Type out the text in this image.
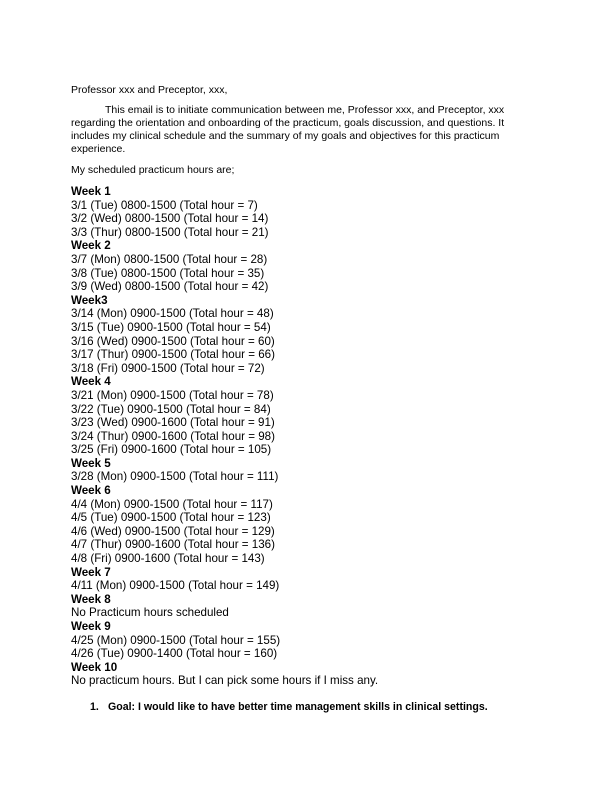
Professor xxx and Preceptor, xxx,
This email is to initiate communication between me, Professor xxx, and Preceptor, xxx regarding the orientation and onboarding of the practicum, goals discussion, and questions. It includes my clinical schedule and the summary of my goals and objectives for this practicum experience.
My scheduled practicum hours are;
Week 1
3/1 (Tue) 0800-1500 (Total hour = 7)
3/2 (Wed) 0800-1500 (Total hour = 14)
3/3 (Thur) 0800-1500 (Total hour = 21)
Week 2
3/7 (Mon) 0800-1500 (Total hour = 28)
3/8 (Tue) 0800-1500 (Total hour = 35)
3/9 (Wed) 0800-1500 (Total hour = 42)
Week3
3/14 (Mon) 0900-1500 (Total hour = 48)
3/15 (Tue) 0900-1500 (Total hour = 54)
3/16 (Wed) 0900-1500 (Total hour = 60)
3/17 (Thur) 0900-1500 (Total hour = 66)
3/18 (Fri) 0900-1500 (Total hour = 72)
Week 4
3/21 (Mon) 0900-1500 (Total hour = 78)
3/22 (Tue) 0900-1500 (Total hour = 84)
3/23 (Wed) 0900-1600 (Total hour = 91)
3/24 (Thur) 0900-1600 (Total hour = 98)
3/25 (Fri) 0900-1600 (Total hour = 105)
Week 5
3/28 (Mon) 0900-1500 (Total hour = 111)
Week 6
4/4 (Mon) 0900-1500 (Total hour = 117)
4/5 (Tue) 0900-1500 (Total hour = 123)
4/6 (Wed) 0900-1500 (Total hour = 129)
4/7 (Thur) 0900-1600 (Total hour = 136)
4/8 (Fri) 0900-1600 (Total hour = 143)
Week 7
4/11 (Mon) 0900-1500 (Total hour = 149)
Week 8
No Practicum hours scheduled
Week 9
4/25 (Mon) 0900-1500 (Total hour = 155)
4/26 (Tue) 0900-1400 (Total hour = 160)
Week 10
No practicum hours. But I can pick some hours if I miss any.
1. Goal: I would like to have better time management skills in clinical settings.
